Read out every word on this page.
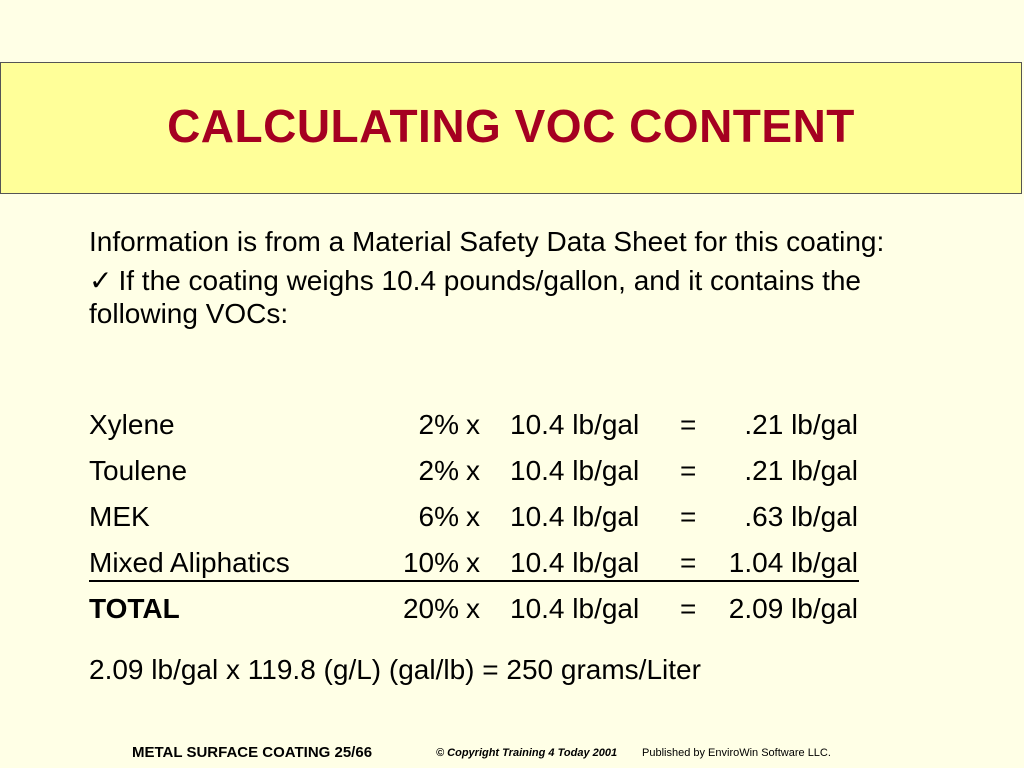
CALCULATING VOC CONTENT
Information is from a Material Safety Data Sheet for this coating:
✓ If the coating weighs 10.4 pounds/gallon, and it contains the following VOCs:
Xylene	2% x 10.4 lb/gal =	.21 lb/gal
Toulene	2% x 10.4 lb/gal =	.21 lb/gal
MEK	6% x 10.4 lb/gal =	.63 lb/gal
Mixed Aliphatics	10% x 10.4 lb/gal =	1.04 lb/gal
TOTAL	20% x 10.4 lb/gal =	2.09 lb/gal
2.09 lb/gal x 119.8 (g/L) (gal/lb) = 250 grams/Liter
METAL SURFACE COATING 25/66	© Copyright Training 4 Today 2001 Published by EnviroWin Software LLC.
